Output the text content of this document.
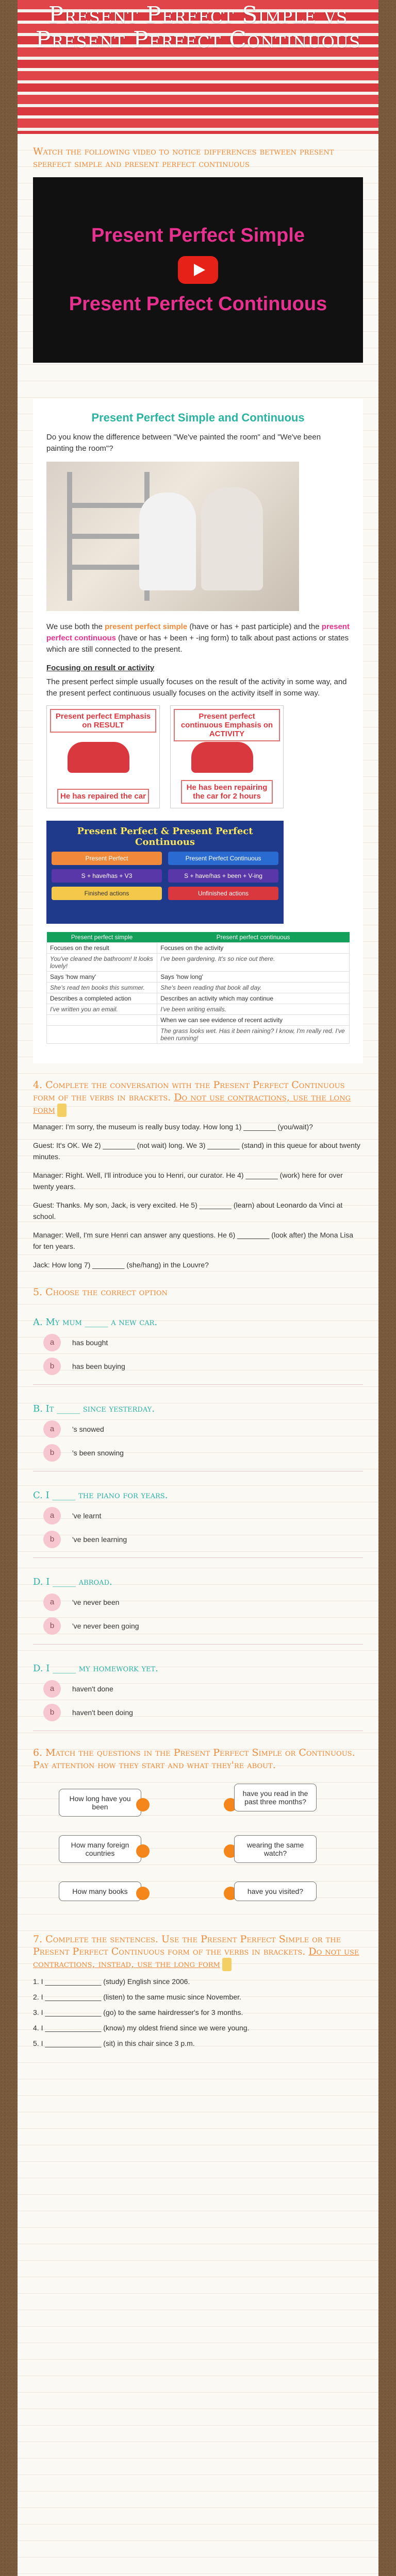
Present Perfect Simple vs Present Perfect Continuous
Watch the following video to notice differences between present sperfect simple and present perfect continuous
Present Perfect Simple
Present Perfect Continuous
Present Perfect Simple and Continuous

Do you know the difference between "We've painted the room" and "We've been painting the room"?

We use both the present perfect simple (have or has + past participle) and the present perfect continuous (have or has + been + -ing form) to talk about past actions or states which are still connected to the present.

Focusing on result or activity

The present perfect simple usually focuses on the result of the activity in some way, and the present perfect continuous usually focuses on the activity itself in some way.

Present perfect Emphasis on RESULT
He has repaired the car
Present perfect continuous Emphasis on ACTIVITY
He has been repairing the car for 2 hours
Present Perfect & Present Perfect Continuous
Present Perfect	Present Perfect Continuous
S + have/has + V3	S + have/has + been + V-ing
Finished actions	Unfinished actions
Present perfect simple	Present perfect continuous
Focuses on the result	Focuses on the activity
You've cleaned the bathroom! It looks lovely!	I've been gardening. It's so nice out there.
Says 'how many'	Says 'how long'
She's read ten books this summer.	She's been reading that book all day.
Describes a completed action	Describes an activity which may continue
I've written you an email.	I've been writing emails.
	When we can see evidence of recent activity
	The grass looks wet. Has it been raining? I know, I'm really red. I've been running!
4. Complete the conversation with the Present Perfect Continuous form of the verbs in brackets. Do not use contractions, use the long form
Manager: I'm sorry, the museum is really busy today. How long 1) ________ (you/wait)?
Guest: It's OK. We 2) ________ (not wait) long. We 3) ________ (stand) in this queue for about twenty minutes.
Manager: Right. Well, I'll introduce you to Henri, our curator. He 4) ________ (work) here for over twenty years.
Guest: Thanks. My son, Jack, is very excited. He 5) ________ (learn) about Leonardo da Vinci at school.
Manager: Well, I'm sure Henri can answer any questions. He 6) ________ (look after) the Mona Lisa for ten years.
Jack: How long 7) ________ (she/hang) in the Louvre?
5. Choose the correct option
A. My mum _____ a new car.
a	has bought
b	has been buying
B. It _____ since yesterday.
a	's snowed
b	's been snowing
C. I _____ the piano for years.
a	've learnt
b	've been learning
D. I _____ abroad.
a	've never been
b	've never been going
D. I _____ my homework yet.
a	haven't done
b	haven't been doing
6. Match the questions in the Present Perfect Simple or Continuous. Pay attention how they start and what they're about.
How long have you been
How many foreign countries
How many books
have you read in the past three months?
wearing the same watch?
have you visited?
7. Complete the sentences. Use the Present Perfect Simple or the Present Perfect Continuous form of the verbs in brackets. Do not use contractions, instead, use the long form
1. I ______________ (study) English since 2006.
2. I ______________ (listen) to the same music since November.
3. I ______________ (go) to the same hairdresser's for 3 months.
4. I ______________ (know) my oldest friend since we were young.
5. I ______________ (sit) in this chair since 3 p.m.
